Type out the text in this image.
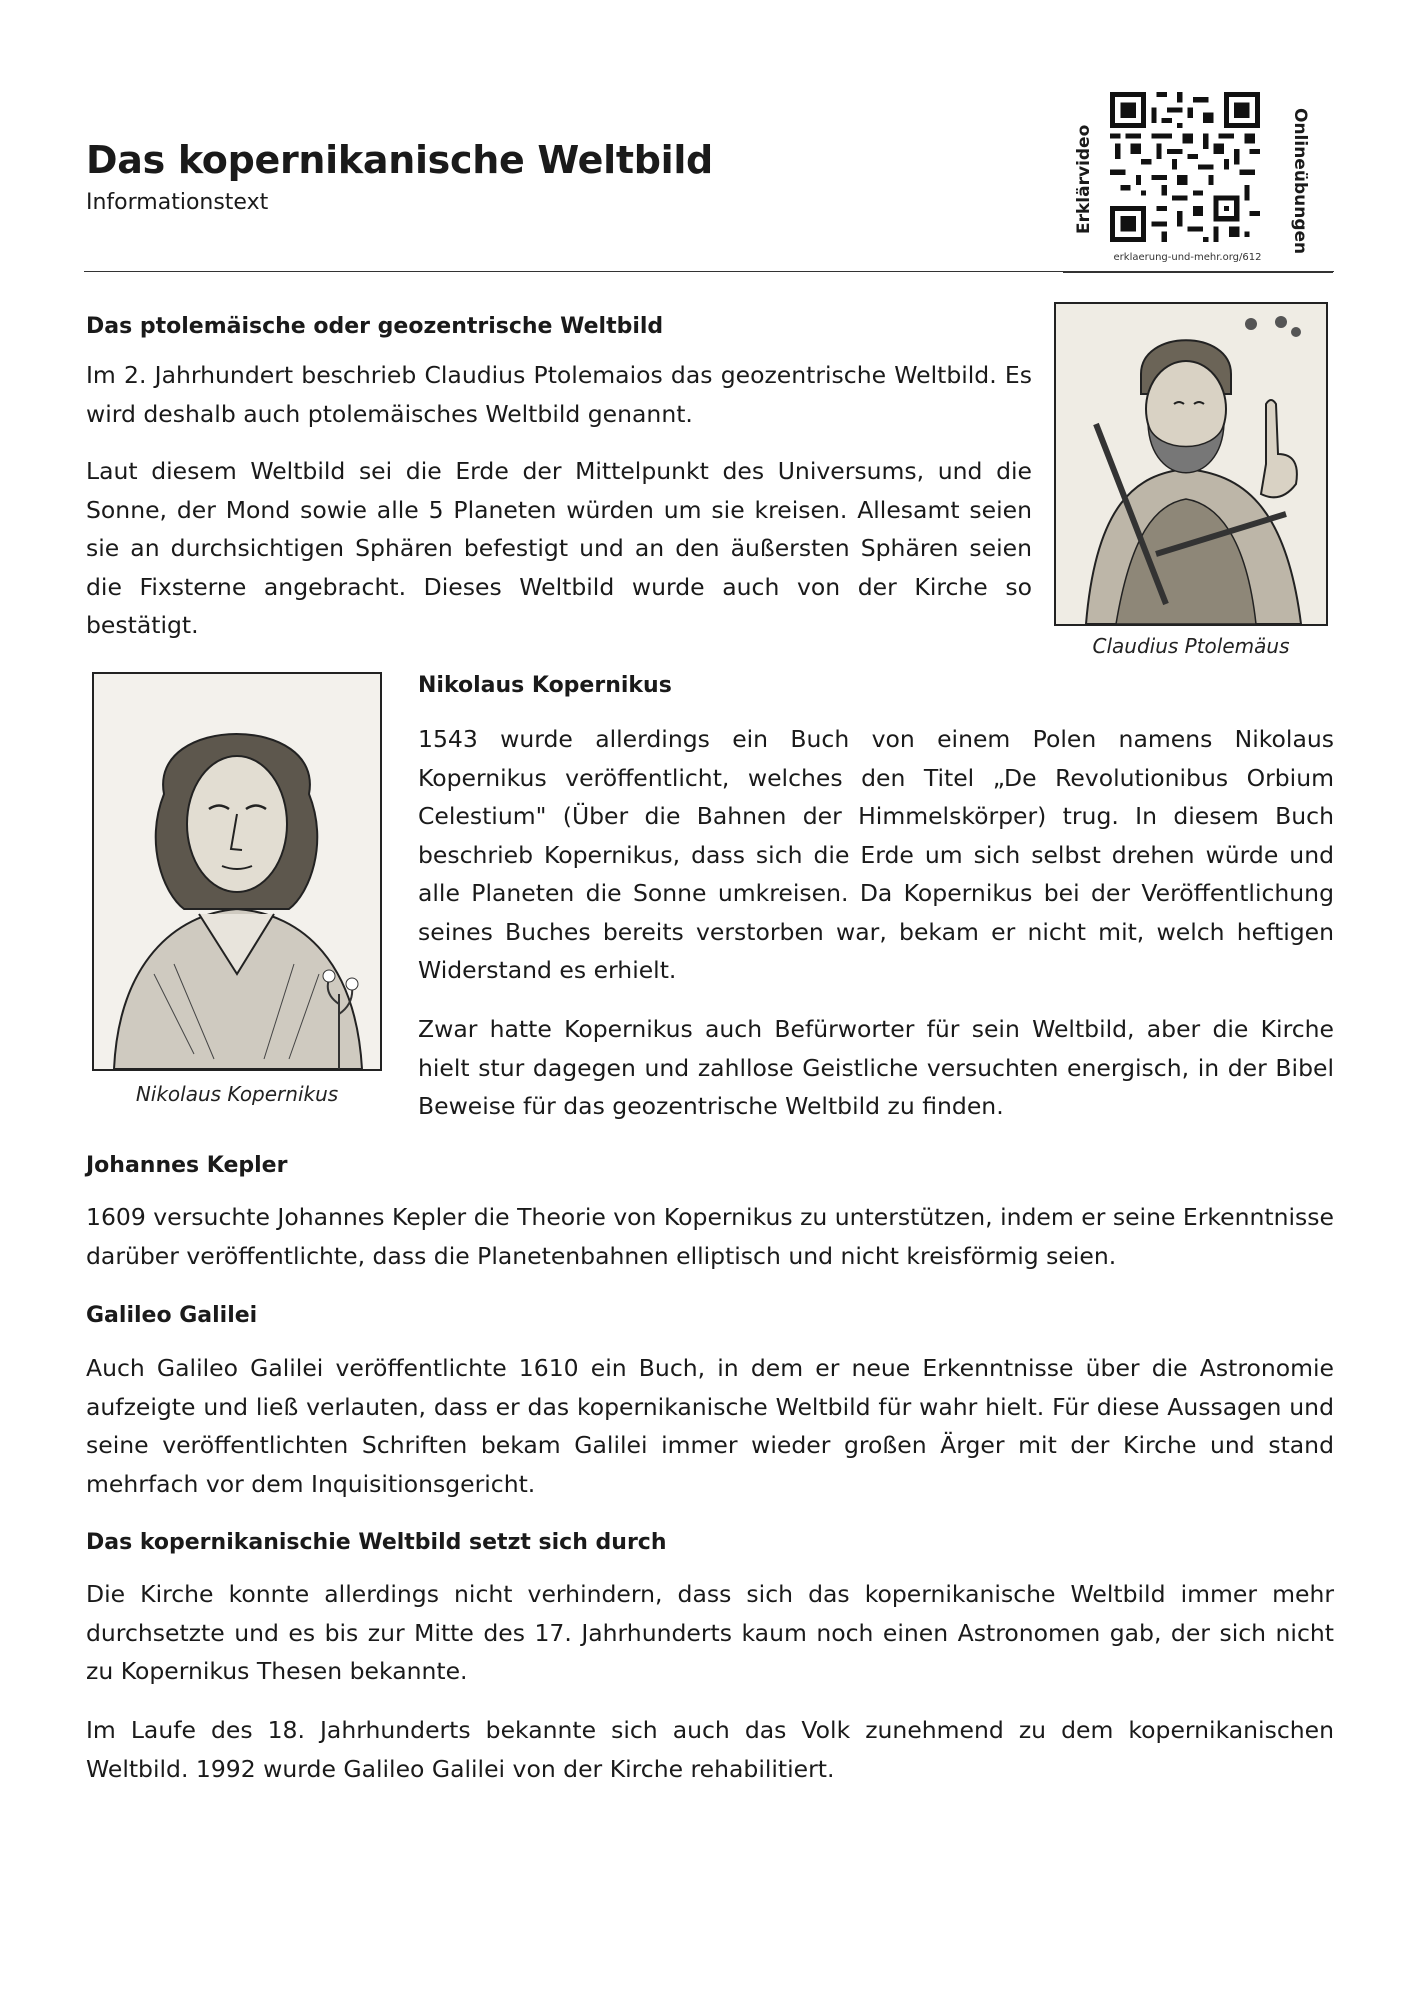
Das kopernikanische Weltbild
Informationstext	Erklärvideo	Onlineübungen
erklaerung-und-mehr.org/612
Das ptolemäische oder geozentrische Weltbild

Im 2. Jahrhundert beschrieb Claudius Ptolemaios das geozentrische Weltbild. Es wird deshalb auch ptolemäisches Weltbild genannt.

Laut diesem Weltbild sei die Erde der Mittelpunkt des Universums, und die Sonne, der Mond sowie alle 5 Planeten würden um sie kreisen. Allesamt seien sie an durchsichtigen Sphären befestigt und an den äußersten Sphären seien die Fixsterne angebracht. Dieses Weltbild wurde auch von der Kirche so bestätigt.

Claudius Ptolemäus
Nikolaus Kopernikus
Nikolaus Kopernikus

1543 wurde allerdings ein Buch von einem Polen namens Nikolaus Kopernikus veröffentlicht, welches den Titel „De Revolutionibus Orbium Celestium" (Über die Bahnen der Himmelskörper) trug. In diesem Buch beschrieb Kopernikus, dass sich die Erde um sich selbst drehen würde und alle Planeten die Sonne umkreisen. Da Kopernikus bei der Veröffentlichung seines Buches bereits verstorben war, bekam er nicht mit, welch heftigen Widerstand es erhielt.

Zwar hatte Kopernikus auch Befürworter für sein Weltbild, aber die Kirche hielt stur dagegen und zahllose Geistliche versuchten energisch, in der Bibel Beweise für das geozentrische Weltbild zu finden.

Johannes Kepler

1609 versuchte Johannes Kepler die Theorie von Kopernikus zu unterstützen, indem er seine Erkenntnisse darüber veröffentlichte, dass die Planetenbahnen elliptisch und nicht kreisförmig seien.

Galileo Galilei

Auch Galileo Galilei veröffentlichte 1610 ein Buch, in dem er neue Erkenntnisse über die Astronomie aufzeigte und ließ verlauten, dass er das kopernikanische Weltbild für wahr hielt. Für diese Aussagen und seine veröffentlichten Schriften bekam Galilei immer wieder großen Ärger mit der Kirche und stand mehrfach vor dem Inquisitionsgericht.

Das kopernikanischie Weltbild setzt sich durch

Die Kirche konnte allerdings nicht verhindern, dass sich das kopernikanische Weltbild immer mehr durchsetzte und es bis zur Mitte des 17. Jahrhunderts kaum noch einen Astronomen gab, der sich nicht zu Kopernikus Thesen bekannte.

Im Laufe des 18. Jahrhunderts bekannte sich auch das Volk zunehmend zu dem kopernikanischen Weltbild. 1992 wurde Galileo Galilei von der Kirche rehabilitiert.
